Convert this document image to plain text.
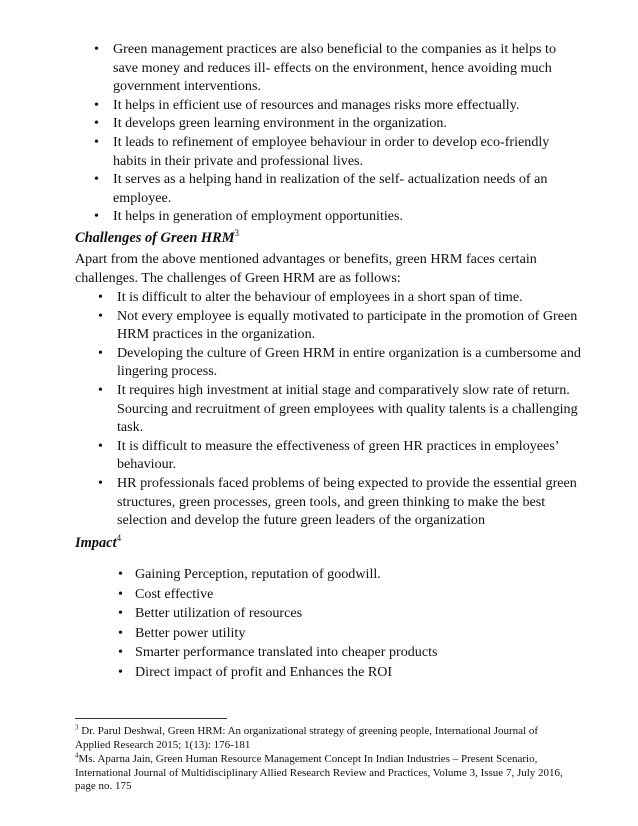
• Green management practices are also beneficial to the companies as it helps to save money and reduces ill- effects on the environment, hence avoiding much government interventions.
• It helps in efficient use of resources and manages risks more effectually.
• It develops green learning environment in the organization.
• It leads to refinement of employee behaviour in order to develop eco-friendly habits in their private and professional lives.
• It serves as a helping hand in realization of the self- actualization needs of an employee.
• It helps in generation of employment opportunities.
Challenges of Green HRM$^3$
Apart from the above mentioned advantages or benefits, green HRM faces certain challenges. The challenges of Green HRM are as follows:
• It is difficult to alter the behaviour of employees in a short span of time.
• Not every employee is equally motivated to participate in the promotion of Green HRM practices in the organization.
• Developing the culture of Green HRM in entire organization is a cumbersome and lingering process.
• It requires high investment at initial stage and comparatively slow rate of return. Sourcing and recruitment of green employees with quality talents is a challenging task.
• It is difficult to measure the effectiveness of green HR practices in employees’ behaviour.
• HR professionals faced problems of being expected to provide the essential green structures, green processes, green tools, and green thinking to make the best selection and develop the future green leaders of the organization
Impact$^4$
• Gaining Perception, reputation of goodwill.
• Cost effective
• Better utilization of resources
• Better power utility
• Smarter performance translated into cheaper products
• Direct impact of profit and Enhances the ROI
$^3$ Dr. Parul Deshwal, Green HRM: An organizational strategy of greening people, International Journal of Applied Research 2015; 1(13): 176-181
$^4$Ms. Aparna Jain, Green Human Resource Management Concept In Indian Industries – Present Scenario, International Journal of Multidisciplinary Allied Research Review and Practices, Volume 3, Issue 7, July 2016, page no. 175
